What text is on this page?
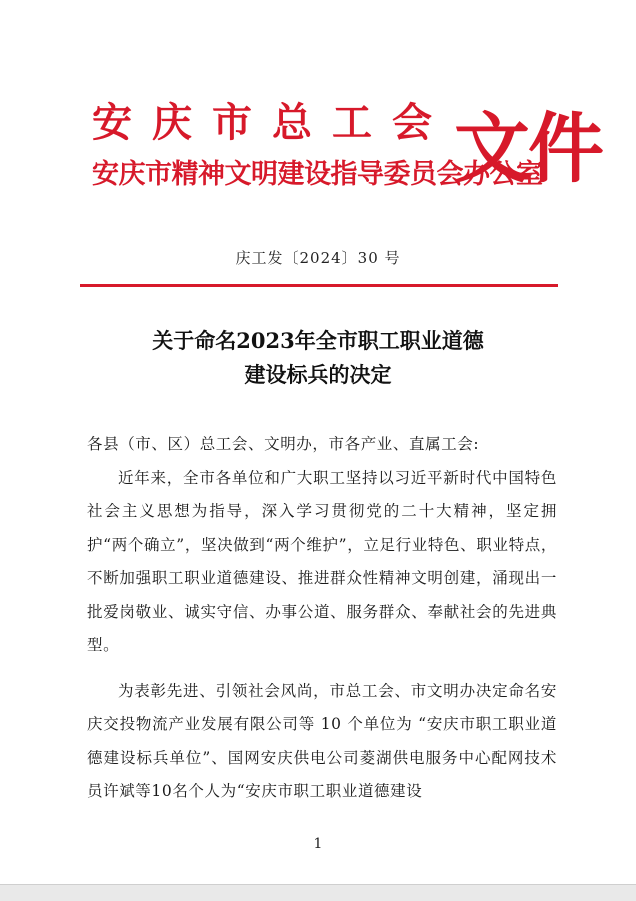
安庆市总工会
安庆市精神文明建设指导委员会办公室
文件
庆工发〔2024〕30 号
关于命名2023年全市职工职业道德
建设标兵的决定

各县（市、区）总工会、文明办，市各产业、直属工会:

近年来，全市各单位和广大职工坚持以习近平新时代中国特色社会主义思想为指导，深入学习贯彻党的二十大精神，坚定拥护“两个确立”，坚决做到“两个维护”，立足行业特色、职业特点，不断加强职工职业道德建设、推进群众性精神文明创建，涌现出一批爱岗敬业、诚实守信、办事公道、服务群众、奉献社会的先进典型。

为表彰先进、引领社会风尚，市总工会、市文明办决定命名安庆交投物流产业发展有限公司等 10 个单位为 “安庆市职工职业道德建设标兵单位”、国网安庆供电公司菱湖供电服务中心配网技术员许斌等10名个人为“安庆市职工职业道德建设

1
